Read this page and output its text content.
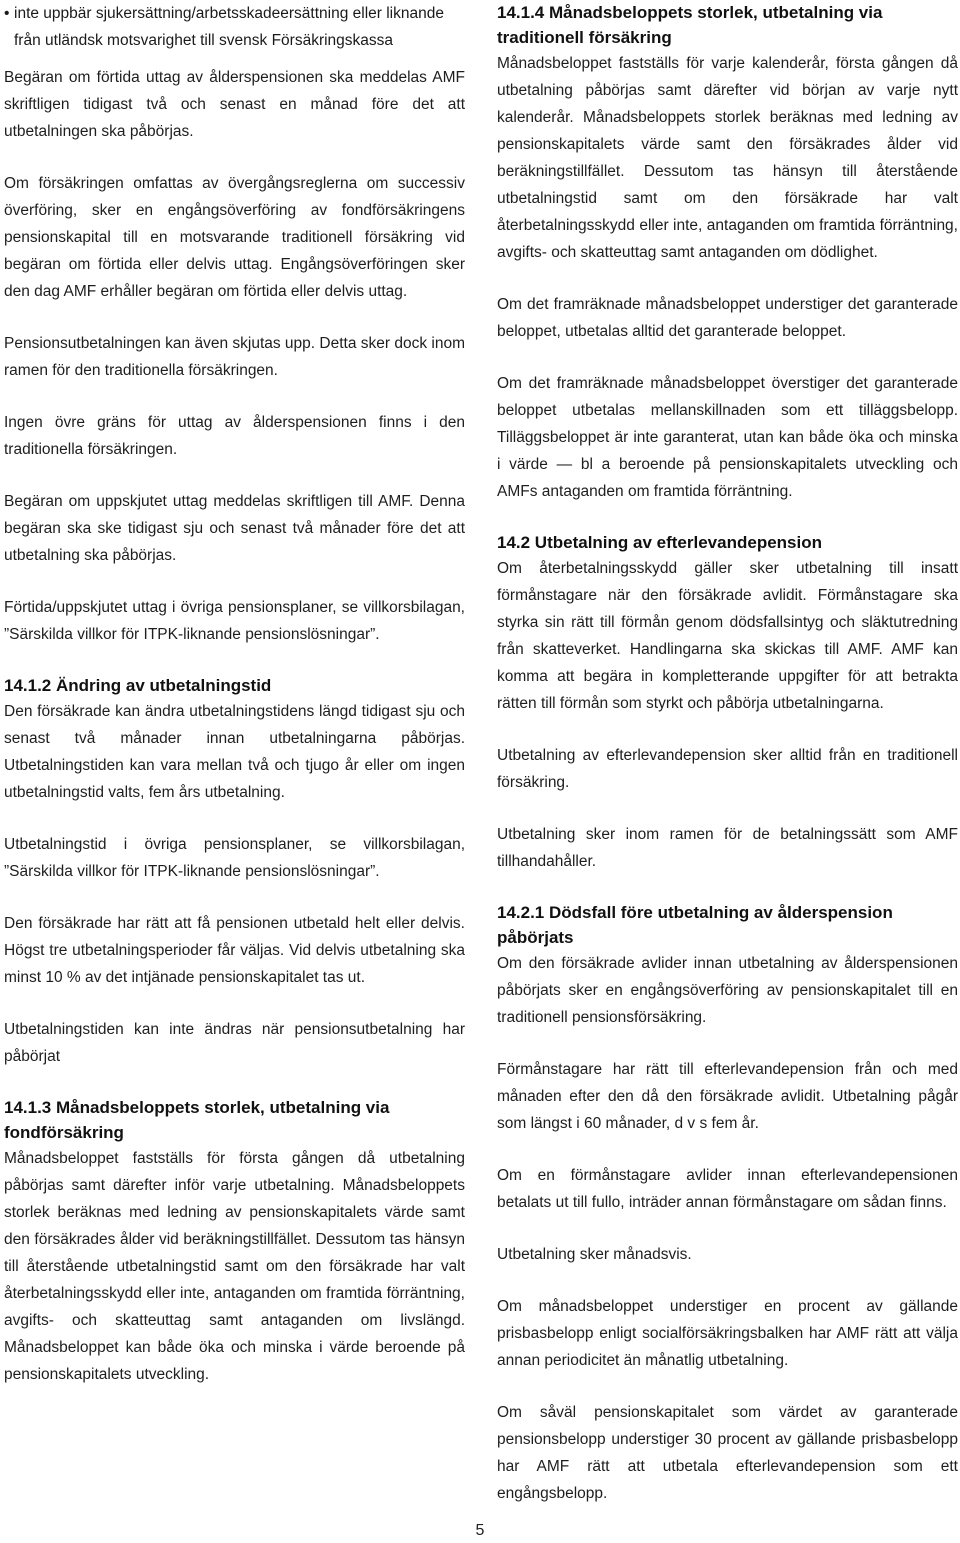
• inte uppbär sjukersättning/arbetsskadeersättning eller liknande från utländsk motsvarighet till svensk Försäkringskassa

Begäran om förtida uttag av ålderspensionen ska meddelas AMF skriftligen tidigast två och senast en månad före det att utbetalningen ska påbörjas.

Om försäkringen omfattas av övergångsreglerna om successiv överföring, sker en engångsöverföring av fondförsäkringens pensionskapital till en motsvarande traditionell försäkring vid begäran om förtida eller delvis uttag. Engångsöverföringen sker den dag AMF erhåller begäran om förtida eller delvis uttag.

Pensionsutbetalningen kan även skjutas upp. Detta sker dock inom ramen för den traditionella försäkringen.

Ingen övre gräns för uttag av ålderspensionen finns i den traditionella försäkringen.

Begäran om uppskjutet uttag meddelas skriftligen till AMF. Denna begäran ska ske tidigast sju och senast två månader före det att utbetalning ska påbörjas.

Förtida/uppskjutet uttag i övriga pensionsplaner, se villkorsbilagan, ”Särskilda villkor för ITPK-liknande pensionslösningar”.

14.1.2 Ändring av utbetalningstid

Den försäkrade kan ändra utbetalningstidens längd tidigast sju och senast två månader innan utbetalningarna påbörjas. Utbetalningstiden kan vara mellan två och tjugo år eller om ingen utbetalningstid valts, fem års utbetalning.

Utbetalningstid i övriga pensionsplaner, se villkorsbilagan, ”Särskilda villkor för ITPK-liknande pensionslösningar”.

Den försäkrade har rätt att få pensionen utbetald helt eller delvis. Högst tre utbetalningsperioder får väljas. Vid delvis utbetalning ska minst 10 % av det intjänade pensionskapitalet tas ut.

Utbetalningstiden kan inte ändras när pensionsutbetalning har påbörjat

14.1.3 Månadsbeloppets storlek, utbetalning via fondförsäkring

Månadsbeloppet fastställs för första gången då utbetalning påbörjas samt därefter inför varje utbetalning. Månadsbeloppets storlek beräknas med ledning av pensionskapitalets värde samt den försäkrades ålder vid beräkningstillfället. Dessutom tas hänsyn till återstående utbetalningstid samt om den försäkrade har valt återbetalningsskydd eller inte, antaganden om framtida förräntning, avgifts- och skatteuttag samt antaganden om livslängd. Månadsbeloppet kan både öka och minska i värde beroende på pensionskapitalets utveckling.

14.1.4 Månadsbeloppets storlek, utbetalning via traditionell försäkring

Månadsbeloppet fastställs för varje kalenderår, första gången då utbetalning påbörjas samt därefter vid början av varje nytt kalenderår. Månadsbeloppets storlek beräknas med ledning av pensionskapitalets värde samt den försäkrades ålder vid beräkningstillfället. Dessutom tas hänsyn till återstående utbetalningstid samt om den försäkrade har valt återbetalningsskydd eller inte, antaganden om framtida förräntning, avgifts- och skatteuttag samt antaganden om dödlighet.

Om det framräknade månadsbeloppet understiger det garanterade beloppet, utbetalas alltid det garanterade beloppet.

Om det framräknade månadsbeloppet överstiger det garanterade beloppet utbetalas mellanskillnaden som ett tilläggsbelopp. Tilläggsbeloppet är inte garanterat, utan kan både öka och minska i värde — bl a beroende på pensionskapitalets utveckling och AMFs antaganden om framtida förräntning.

14.2 Utbetalning av efterlevandepension

Om återbetalningsskydd gäller sker utbetalning till insatt förmånstagare när den försäkrade avlidit. Förmånstagare ska styrka sin rätt till förmån genom dödsfallsintyg och släktutredning från skatteverket. Handlingarna ska skickas till AMF. AMF kan komma att begära in kompletterande uppgifter för att betrakta rätten till förmån som styrkt och påbörja utbetalningarna.

Utbetalning av efterlevandepension sker alltid från en traditionell försäkring.

Utbetalning sker inom ramen för de betalningssätt som AMF tillhandahåller.

14.2.1 Dödsfall före utbetalning av ålderspension påbörjats

Om den försäkrade avlider innan utbetalning av ålderspensionen påbörjats sker en engångsöverföring av pensionskapitalet till en traditionell pensionsförsäkring.

Förmånstagare har rätt till efterlevandepension från och med månaden efter den då den försäkrade avlidit. Utbetalning pågår som längst i 60 månader, d v s fem år.

Om en förmånstagare avlider innan efterlevandepensionen betalats ut till fullo, inträder annan förmånstagare om sådan finns.

Utbetalning sker månadsvis.

Om månadsbeloppet understiger en procent av gällande prisbasbelopp enligt socialförsäkringsbalken har AMF rätt att välja annan periodicitet än månatlig utbetalning.

Om såväl pensionskapitalet som värdet av garanterade pensionsbelopp understiger 30 procent av gällande prisbasbelopp har AMF rätt att utbetala efterlevandepension som ett engångsbelopp.

5
